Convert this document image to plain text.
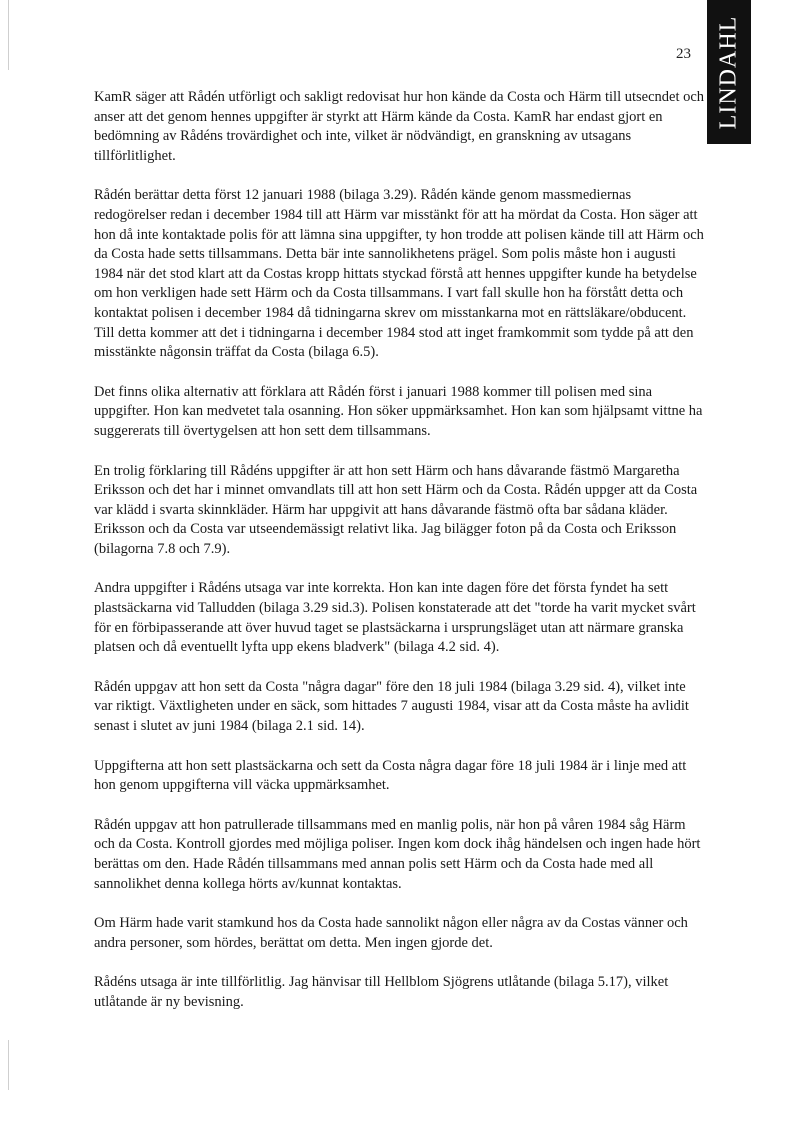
23 LINDAHL

KamR säger att Rådén utförligt och sakligt redovisat hur hon kände da Costa och Härm till utsecndet och anser att det genom hennes uppgifter är styrkt att Härm kände da Costa. KamR har endast gjort en bedömning av Rådéns trovärdighet och inte, vilket är nödvändigt, en granskning av utsagans tillförlitlighet.

Rådén berättar detta först 12 januari 1988 (bilaga 3.29). Rådén kände genom massmediernas redogörelser redan i december 1984 till att Härm var misstänkt för att ha mördat da Costa. Hon säger att hon då inte kontaktade polis för att lämna sina uppgifter, ty hon trodde att polisen kände till att Härm och da Costa hade setts tillsammans. Detta bär inte sannolikhetens prägel. Som polis måste hon i augusti 1984 när det stod klart att da Costas kropp hittats styckad förstå att hennes uppgifter kunde ha betydelse om hon verkligen hade sett Härm och da Costa tillsammans. I vart fall skulle hon ha förstått detta och kontaktat polisen i december 1984 då tidningarna skrev om misstankarna mot en rättsläkare/obducent. Till detta kommer att det i tidningarna i december 1984 stod att inget framkommit som tydde på att den misstänkte någonsin träffat da Costa (bilaga 6.5).

Det finns olika alternativ att förklara att Rådén först i januari 1988 kommer till polisen med sina uppgifter. Hon kan medvetet tala osanning. Hon söker uppmärksamhet. Hon kan som hjälpsamt vittne ha suggererats till övertygelsen att hon sett dem tillsammans.

En trolig förklaring till Rådéns uppgifter är att hon sett Härm och hans dåvarande fästmö Margaretha Eriksson och det har i minnet omvandlats till att hon sett Härm och da Costa. Rådén uppger att da Costa var klädd i svarta skinnkläder. Härm har uppgivit att hans dåvarande fästmö ofta bar sådana kläder. Eriksson och da Costa var utseendemässigt relativt lika. Jag bilägger foton på da Costa och Eriksson (bilagorna 7.8 och 7.9).

Andra uppgifter i Rådéns utsaga var inte korrekta. Hon kan inte dagen före det första fyndet ha sett plastsäckarna vid Talludden (bilaga 3.29 sid.3). Polisen konstaterade att det "torde ha varit mycket svårt för en förbipasserande att över huvud taget se plastsäckarna i ursprungsläget utan att närmare granska platsen och då eventuellt lyfta upp ekens bladverk" (bilaga 4.2 sid. 4).

Rådén uppgav att hon sett da Costa "några dagar" före den 18 juli 1984 (bilaga 3.29 sid. 4), vilket inte var riktigt. Växtligheten under en säck, som hittades 7 augusti 1984, visar att da Costa måste ha avlidit senast i slutet av juni 1984 (bilaga 2.1 sid. 14).

Uppgifterna att hon sett plastsäckarna och sett da Costa några dagar före 18 juli 1984 är i linje med att hon genom uppgifterna vill väcka uppmärksamhet.

Rådén uppgav att hon patrullerade tillsammans med en manlig polis, när hon på våren 1984 såg Härm och da Costa. Kontroll gjordes med möjliga poliser. Ingen kom dock ihåg händelsen och ingen hade hört berättas om den. Hade Rådén tillsammans med annan polis sett Härm och da Costa hade med all sannolikhet denna kollega hörts av/kunnat kontaktas.

Om Härm hade varit stamkund hos da Costa hade sannolikt någon eller några av da Costas vänner och andra personer, som hördes, berättat om detta. Men ingen gjorde det.

Rådéns utsaga är inte tillförlitlig. Jag hänvisar till Hellblom Sjögrens utlåtande (bilaga 5.17), vilket utlåtande är ny bevisning.
